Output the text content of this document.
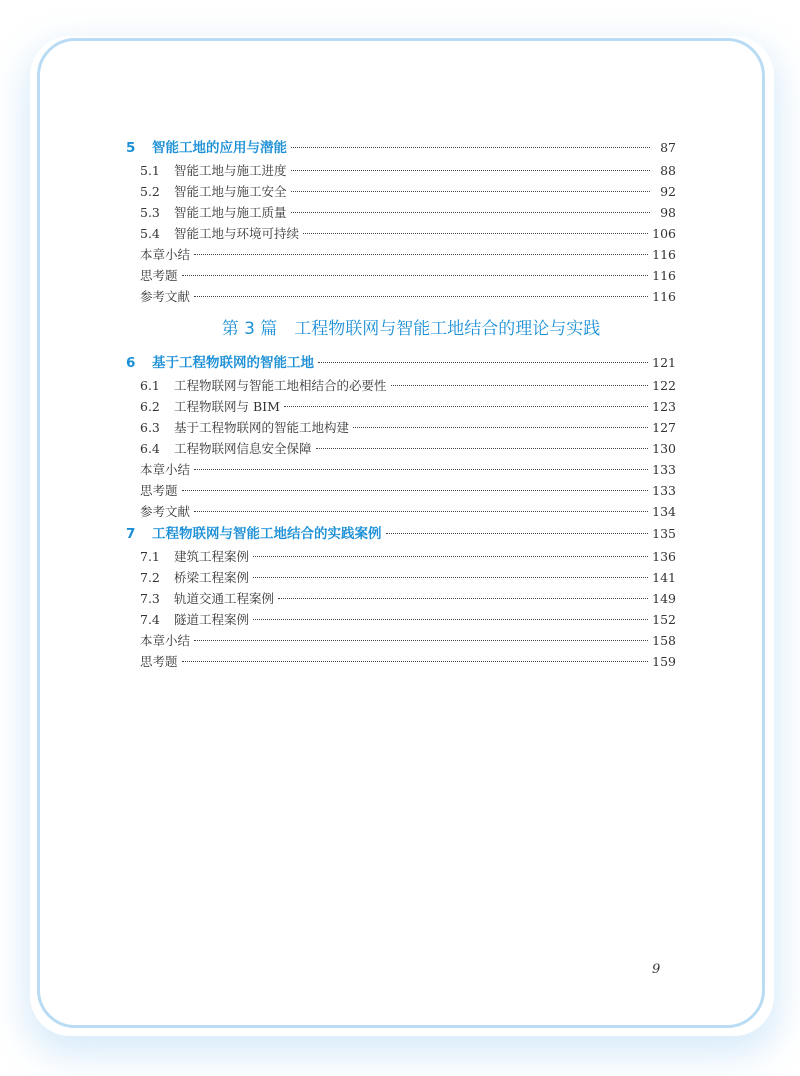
5	智能工地的应用与潜能	87
5.1	智能工地与施工进度	88
5.2	智能工地与施工安全	92
5.3	智能工地与施工质量	98
5.4	智能工地与环境可持续	106
本章小结	116
思考题	116
参考文献	116
第 3 篇　工程物联网与智能工地结合的理论与实践
6	基于工程物联网的智能工地	121
6.1	工程物联网与智能工地相结合的必要性	122
6.2	工程物联网与 BIM	123
6.3	基于工程物联网的智能工地构建	127
6.4	工程物联网信息安全保障	130
本章小结	133
思考题	133
参考文献	134
7	工程物联网与智能工地结合的实践案例	135
7.1	建筑工程案例	136
7.2	桥梁工程案例	141
7.3	轨道交通工程案例	149
7.4	隧道工程案例	152
本章小结	158
思考题	159
9
